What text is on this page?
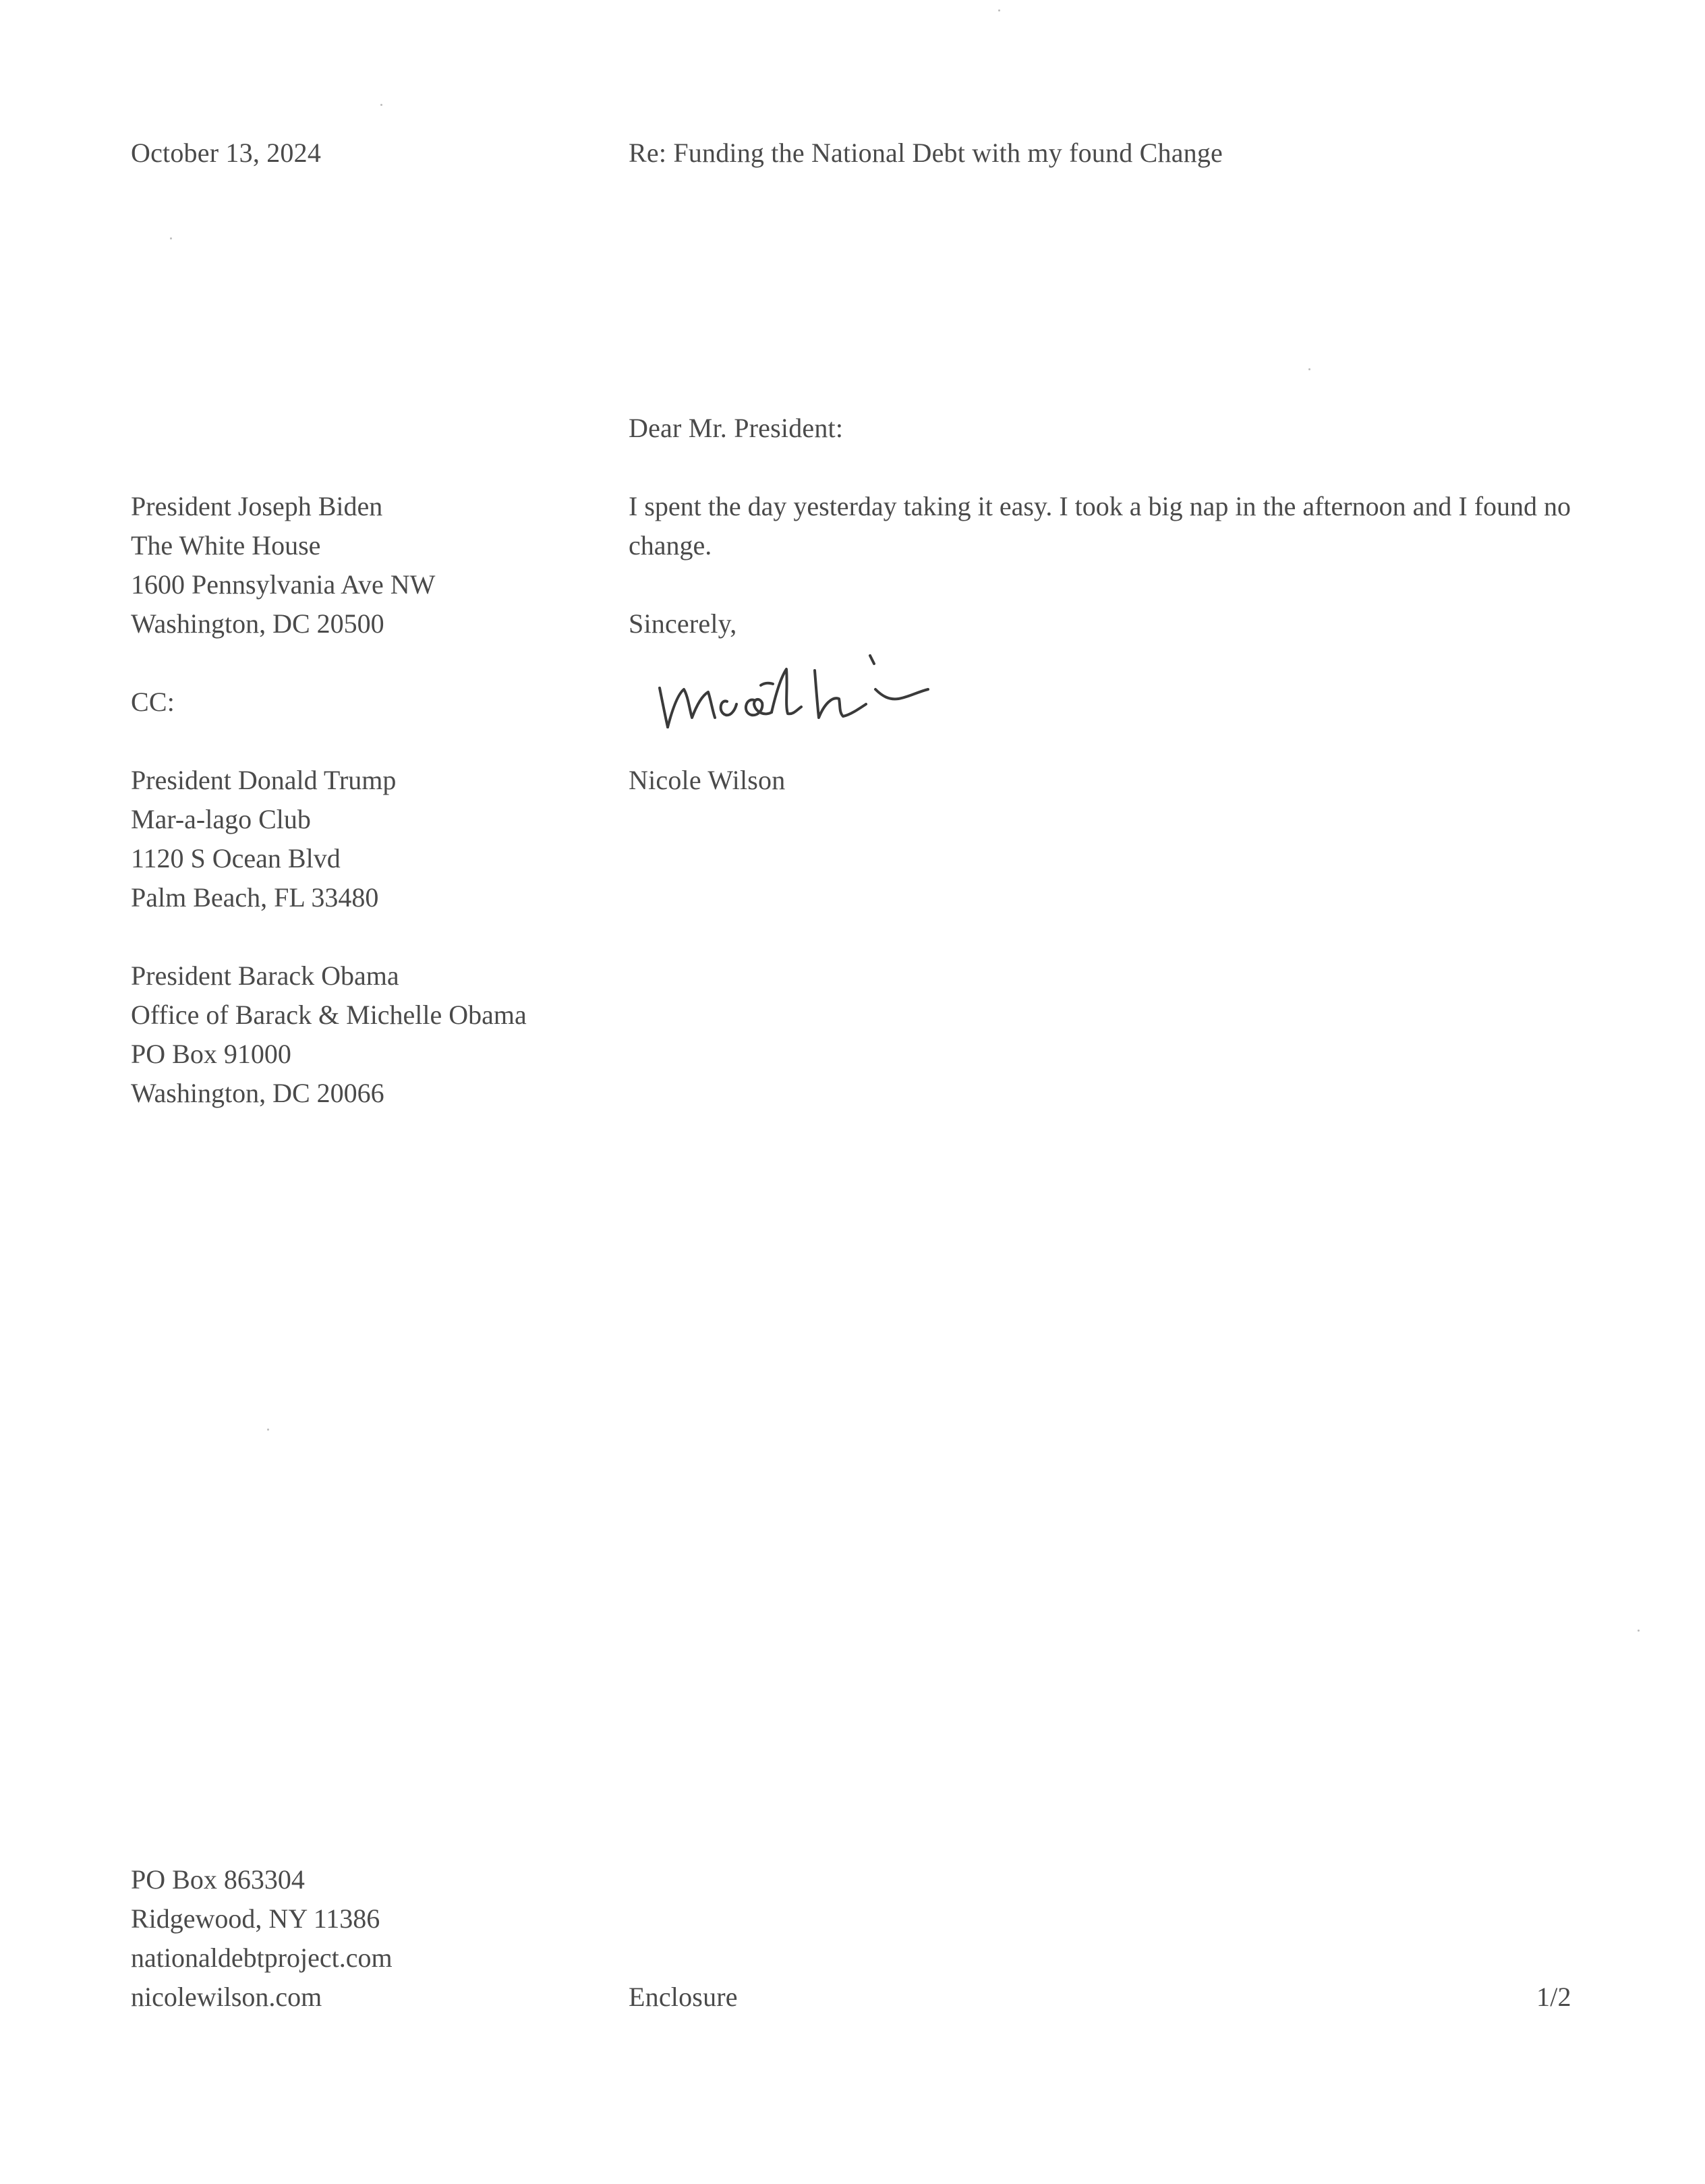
October 13, 2024	Re: Funding the National Debt with my found Change
Dear Mr. President:
President Joseph Biden
The White House
1600 Pennsylvania Ave NW
Washington, DC 20500
I spent the day yesterday taking it easy. I took a big nap in the afternoon and I found no change.
Sincerely,
CC:
Nicole Wilson
President Donald Trump
Mar-a-lago Club
1120 S Ocean Blvd
Palm Beach, FL 33480
President Barack Obama
Office of Barack & Michelle Obama
PO Box 91000
Washington, DC 20066
PO Box 863304
Ridgewood, NY 11386
nationaldebtproject.com
nicolewilson.com	Enclosure	1/2
